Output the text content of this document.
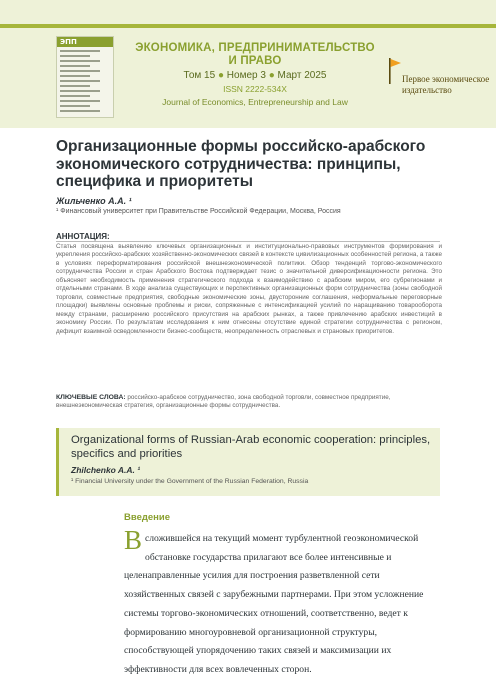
ЭПП	ЭКОНОМИКА, ПРЕДПРИНИМАТЕЛЬСТВО И ПРАВО
Том 15 ● Номер 3 ● Март 2025
ISSN 2222-534X
Journal of Economics, Entrepreneurship and Law
Первое экономическое издательство
Организационные формы российско-арабского экономического сотрудничества: принципы, специфика и приоритеты
Жильченко А.А. ¹
¹ Финансовый университет при Правительстве Российской Федерации, Москва, Россия
АННОТАЦИЯ:
Статья посвящена выявлению ключевых организационных и институционально-правовых инструментов формирования и укрепления российско-арабских хозяйственно-экономических связей в контексте цивилизационных особенностей региона, а также в условиях переформатирования российской внешнеэкономической политики. Обзор тенденций торгово-экономического сотрудничества России и стран Арабского Востока подтверждает тезис о значительной диверсификационности региона. Это объясняет необходимость применения стратегического подхода к взаимодействию с арабским миром, его субрегионами и отдельными странами. В ходе анализа существующих и перспективных организационных форм сотрудничества (зоны свободной торговли, совместные предприятия, свободные экономические зоны, двусторонние соглашения, неформальные переговорные площадки) выявлены основные проблемы и риски, сопряженные с интенсификацией усилий по наращиванию товарооборота между странами, расширению российского присутствия на арабских рынках, а также привлечению арабских инвестиций в экономику России. По результатам исследования к ним отнесены отсутствие единой стратегии сотрудничества с регионом, дефицит взаимной осведомленности бизнес-сообществ, неопределенность отраслевых и страновых приоритетов.
КЛЮЧЕВЫЕ СЛОВА: российско-арабское сотрудничество, зона свободной торговли, совместное предприятие, внешнеэкономическая стратегия, организационные формы сотрудничества.
Organizational forms of Russian-Arab economic cooperation: principles, specifics and priorities
Zhilchenko A.A. ¹
¹ Financial University under the Government of the Russian Federation, Russia
Введение
В сложившейся на текущий момент турбулентной геоэкономической обстановке государства прилагают все более интенсивные и целенаправленные усилия для построения разветвленной сети хозяйственных связей с зарубежными партнерами. При этом усложнение системы торгово-экономических отношений, соответственно, ведет к формированию многоуровневой организационной структуры, способствующей упорядочению таких связей и максимизации их эффективности для всех вовлеченных сторон.
